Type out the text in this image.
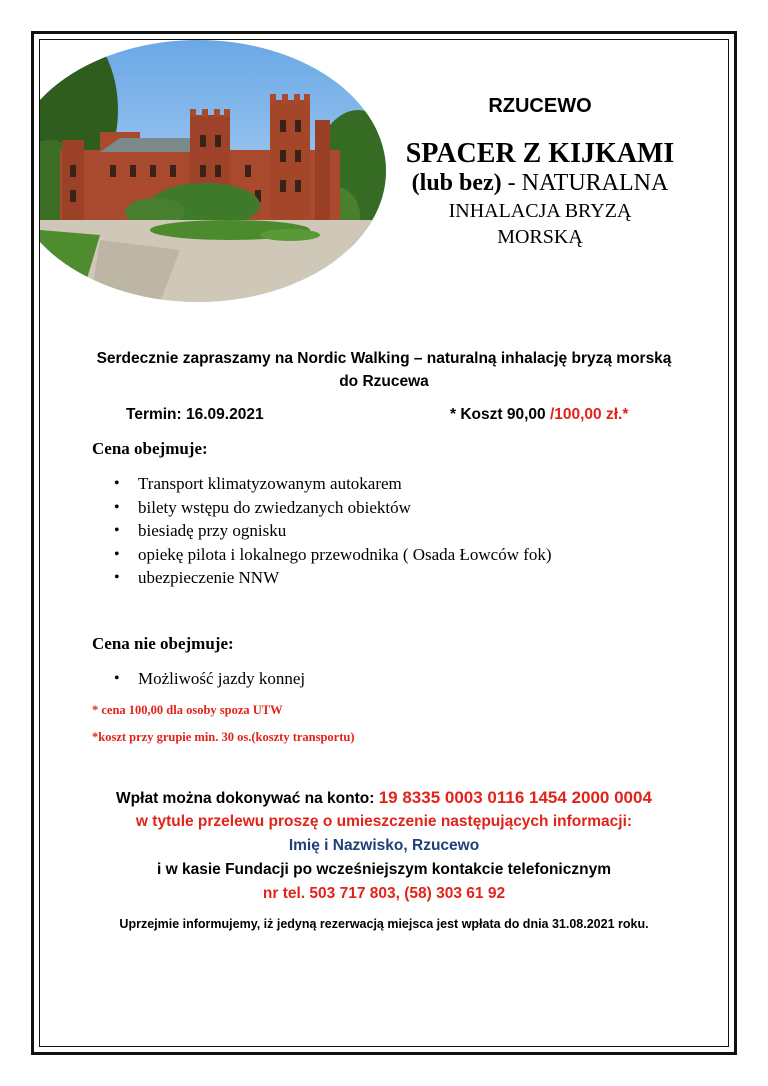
RZUCEWO
SPACER Z KIJKAMI
(lub bez) - NATURALNA
INHALACJA BRYZĄ
MORSKĄ
Serdecznie zapraszamy na Nordic Walking – naturalną inhalację bryzą morską
do Rzucewa
Termin: 16.09.2021	* Koszt 90,00 /100,00 zł.*
Cena obejmuje:
• Transport klimatyzowanym autokarem
• bilety wstępu do zwiedzanych obiektów
• biesiadę przy ognisku
• opiekę pilota i lokalnego przewodnika ( Osada Łowców fok)
• ubezpieczenie NNW
Cena nie obejmuje:
• Możliwość jazdy konnej
* cena 100,00 dla osoby spoza UTW
*koszt przy grupie min. 30 os.(koszty transportu)
Wpłat można dokonywać na konto: 19 8335 0003 0116 1454 2000 0004
w tytule przelewu proszę o umieszczenie następujących informacji:
Imię i Nazwisko, Rzucewo
i w kasie Fundacji po wcześniejszym kontakcie telefonicznym
nr tel. 503 717 803, (58) 303 61 92
Uprzejmie informujemy, iż jedyną rezerwacją miejsca jest wpłata do dnia 31.08.2021 roku.
